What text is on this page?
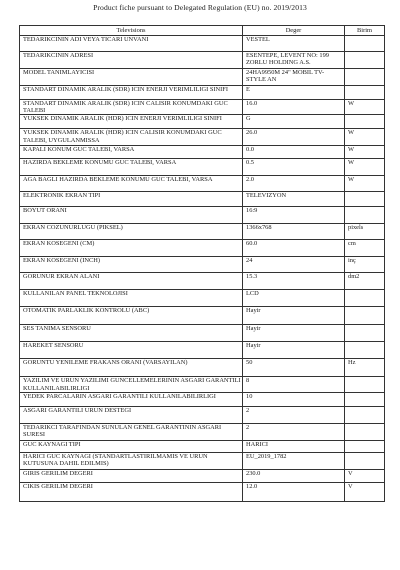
Product fiche pursuant to Delegated Regulation (EU) no. 2019/2013
Televisions	Deger	Birim
TEDARIKCININ ADI VEYA TICARI UNVANI	VESTEL	
TEDARIKCININ ADRESI	ESENTEPE, LEVENT NO: 199 ZORLU HOLDING A.S.	
MODEL TANIMLAYICISI	24HA9950M 24" MOBIL TV-STYLE AN	
STANDART DINAMIK ARALIK (SDR) ICIN ENERJI VERIMLILIGI SINIFI	E	
STANDART DINAMIK ARALIK (SDR) ICIN CALISIR KONUMDAKI GUC TALEBI	16.0	W
YUKSEK DINAMIK ARALIK (HDR) ICIN ENERJI VERIMLILIGI SINIFI	G	
YUKSEK DINAMIK ARALIK (HDR) ICIN CALISIR KONUMDAKI GUC TALEBI, UYGULANMISSA	26.0	W
KAPALI KONUM GUC TALEBI, VARSA	0.0	W
HAZIRDA BEKLEME KONUMU GUC TALEBI, VARSA	0.5	W
AGA BAGLI HAZIRDA BEKLEME KONUMU GUC TALEBI, VARSA	2.0	W
ELEKTRONIK EKRAN TIPI	TELEVIZYON	
BOYUT ORANI	16:9	
EKRAN COZUNURLUGU (PIKSEL)	1366x768	pixels
EKRAN KOSEGENI (CM)	60.0	cm
EKRAN KOSEGENI (INCH)	24	inç
GORUNUR EKRAN ALANI	15.3	dm2
KULLANILAN PANEL TEKNOLOJISI	LCD	
OTOMATIK PARLAKLIK KONTROLU (ABC)	Hayir	
SES TANIMA SENSORU	Hayir	
HAREKET SENSORU	Hayir	
GORUNTU YENILEME FRAKANS ORANI (VARSAYILAN)	50	Hz
YAZILIM VE URUN YAZILIMI GUNCELLEMELERININ ASGARI GARANTILI KULLANILABILIRLIGI	8	
YEDEK PARCALARIN ASGARI GARANTILI KULLANILABILIRLIGI	10	
ASGARI GARANTILI URUN DESTEGI	2	
TEDARIKCI TARAFINDAN SUNULAN GENEL GARANTININ ASGARI SURESI	2	
GUC KAYNAGI TIPI	HARICI	
HARICI GUC KAYNAGI (STANDARTLASTIRILMAMIS VE URUN KUTUSUNA DAHIL EDILMIS)	EU_2019_1782	
GIRIS GERILIM DEGERI	230.0	V
CIKIS GERILIM DEGERI	12.0	V
